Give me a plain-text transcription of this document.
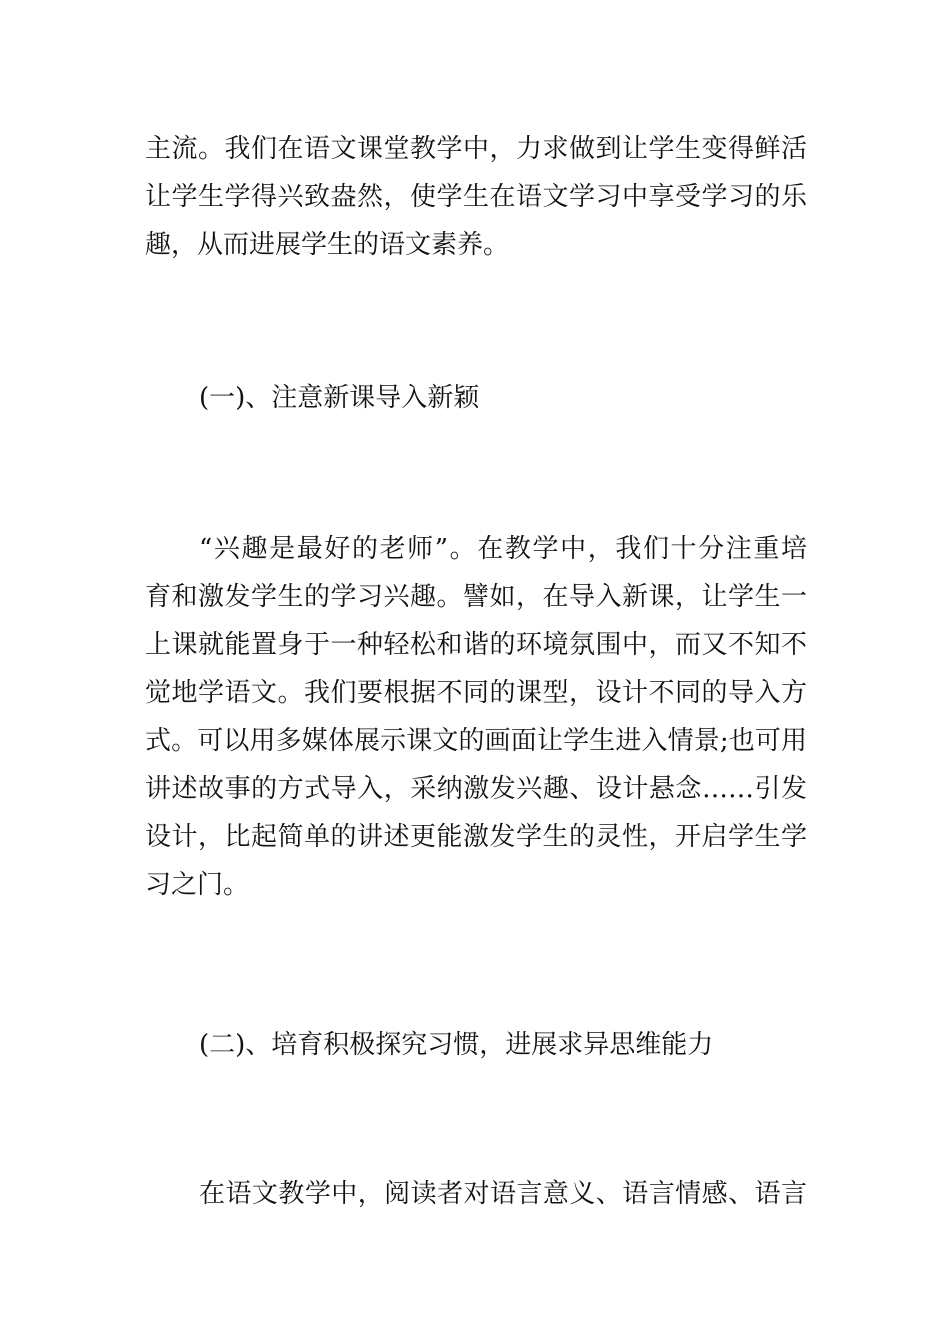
主流。我们在语文课堂教学中，力求做到让学生变得鲜活
让学生学得兴致盎然，使学生在语文学习中享受学习的乐
趣，从而进展学生的语文素养。
(一)、注意新课导入新颖
“兴趣是最好的老师”。在教学中，我们十分注重培
育和激发学生的学习兴趣。譬如，在导入新课，让学生一
上课就能置身于一种轻松和谐的环境氛围中，而又不知不
觉地学语文。我们要根据不同的课型，设计不同的导入方
式。可以用多媒体展示课文的画面让学生进入情景;也可用
讲述故事的方式导入，采纳激发兴趣、设计悬念……引发
设计，比起简单的讲述更能激发学生的灵性，开启学生学
习之门。
(二)、培育积极探究习惯，进展求异思维能力
在语文教学中，阅读者对语言意义、语言情感、语言
